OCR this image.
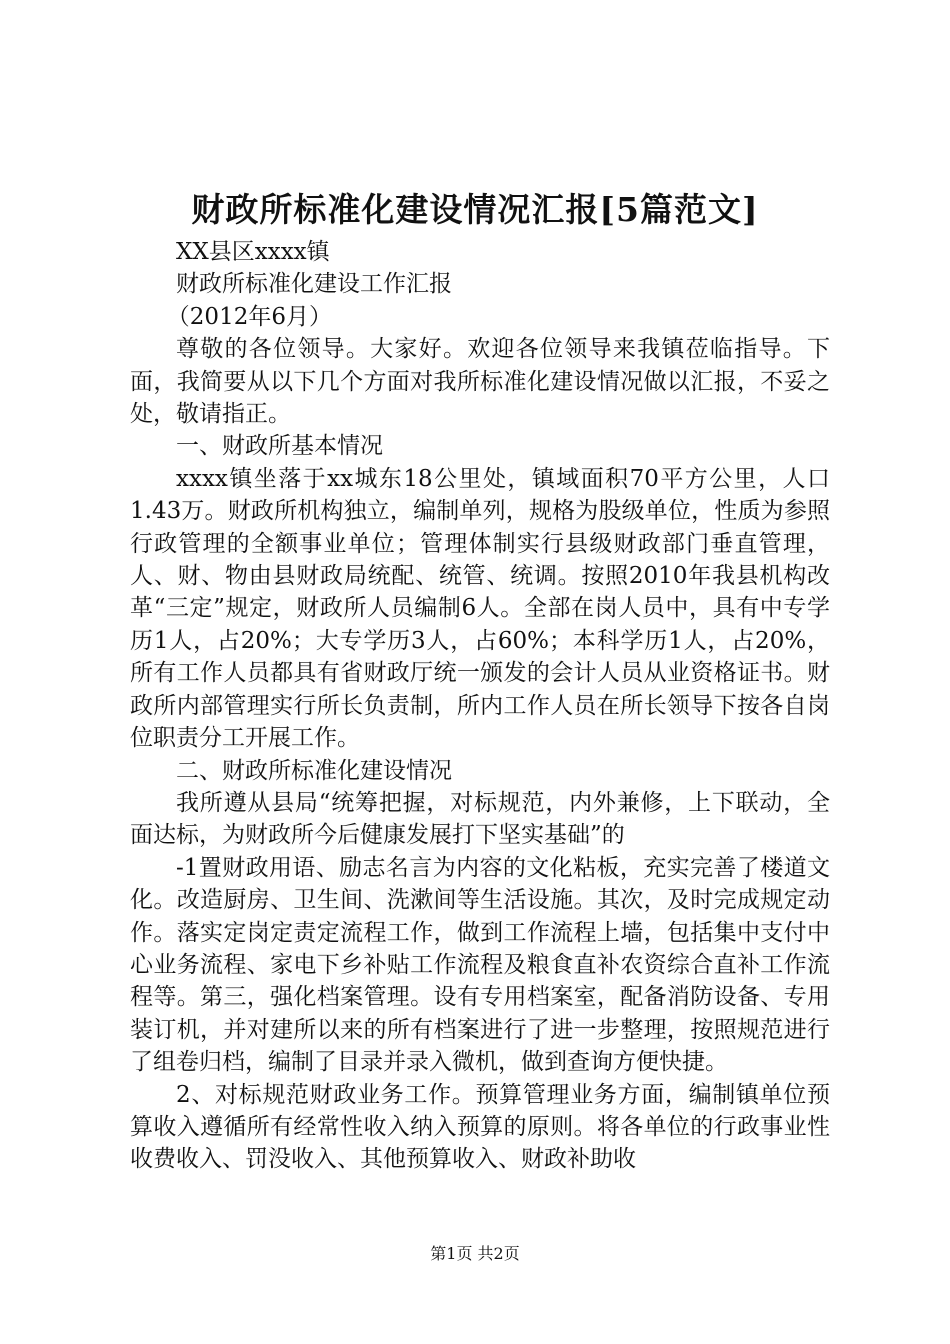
财政所标准化建设情况汇报[5篇范文]

XX县区xxxx镇

财政所标准化建设工作汇报

（2012年6月）

尊敬的各位领导。大家好。欢迎各位领导来我镇莅临指导。下面，我简要从以下几个方面对我所标准化建设情况做以汇报，不妥之处，敬请指正。

一、财政所基本情况

xxxx镇坐落于xx城东18公里处，镇域面积70平方公里，人口1.43万。财政所机构独立，编制单列，规格为股级单位，性质为参照行政管理的全额事业单位；管理体制实行县级财政部门垂直管理，人、财、物由县财政局统配、统管、统调。按照2010年我县机构改革“三定”规定，财政所人员编制6人。全部在岗人员中，具有中专学历1人，占20%；大专学历3人，占60%；本科学历1人，占20%，所有工作人员都具有省财政厅统一颁发的会计人员从业资格证书。财政所内部管理实行所长负责制，所内工作人员在所长领导下按各自岗位职责分工开展工作。

二、财政所标准化建设情况

我所遵从县局“统筹把握，对标规范，内外兼修，上下联动，全面达标，为财政所今后健康发展打下坚实基础”的

-1置财政用语、励志名言为内容的文化粘板，充实完善了楼道文化。改造厨房、卫生间、洗漱间等生活设施。其次，及时完成规定动作。落实定岗定责定流程工作，做到工作流程上墙，包括集中支付中心业务流程、家电下乡补贴工作流程及粮食直补农资综合直补工作流程等。第三，强化档案管理。设有专用档案室，配备消防设备、专用装订机，并对建所以来的所有档案进行了进一步整理，按照规范进行了组卷归档，编制了目录并录入微机，做到查询方便快捷。

2、对标规范财政业务工作。预算管理业务方面，编制镇单位预算收入遵循所有经常性收入纳入预算的原则。将各单位的行政事业性收费收入、罚没收入、其他预算收入、财政补助收

第1页 共2页
